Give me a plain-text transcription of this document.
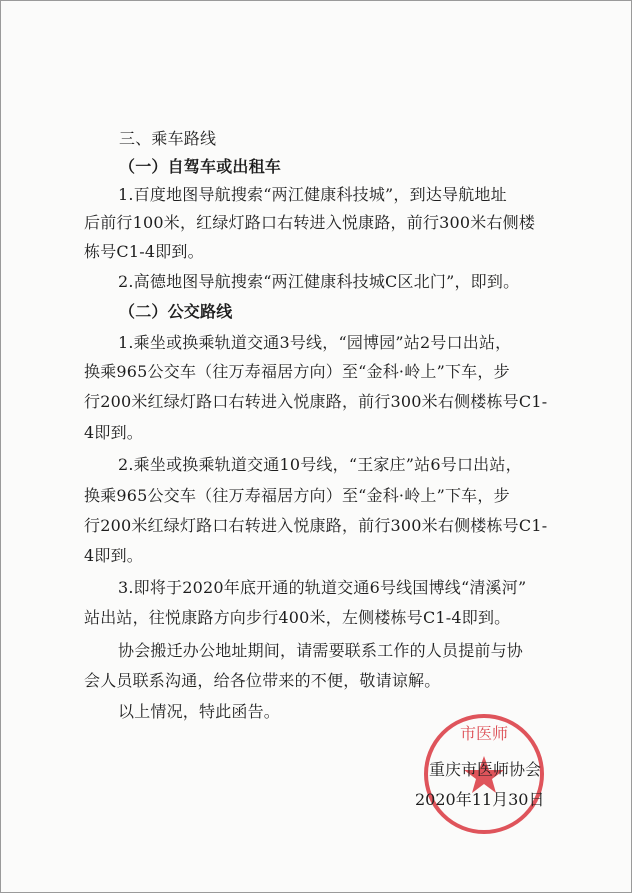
三、乘车路线
（一）自驾车或出租车
1.百度地图导航搜索“两江健康科技城”，到达导航地址
后前行100米，红绿灯路口右转进入悦康路，前行300米右侧楼
栋号C1-4即到。
2.高德地图导航搜索“两江健康科技城C区北门”，即到。
（二）公交路线
1.乘坐或换乘轨道交通3号线，“园博园”站2号口出站，
换乘965公交车（往万寿福居方向）至“金科·岭上”下车，步
行200米红绿灯路口右转进入悦康路，前行300米右侧楼栋号C1-
4即到。
2.乘坐或换乘轨道交通10号线，“王家庄”站6号口出站，
换乘965公交车（往万寿福居方向）至“金科·岭上”下车，步
行200米红绿灯路口右转进入悦康路，前行300米右侧楼栋号C1-
4即到。
3.即将于2020年底开通的轨道交通6号线国博线“清溪河”
站出站，往悦康路方向步行400米，左侧楼栋号C1-4即到。
协会搬迁办公地址期间，请需要联系工作的人员提前与协
会人员联系沟通，给各位带来的不便，敬请谅解。
以上情况，特此函告。
市医师
重庆市医师协会
2020年11月30日
